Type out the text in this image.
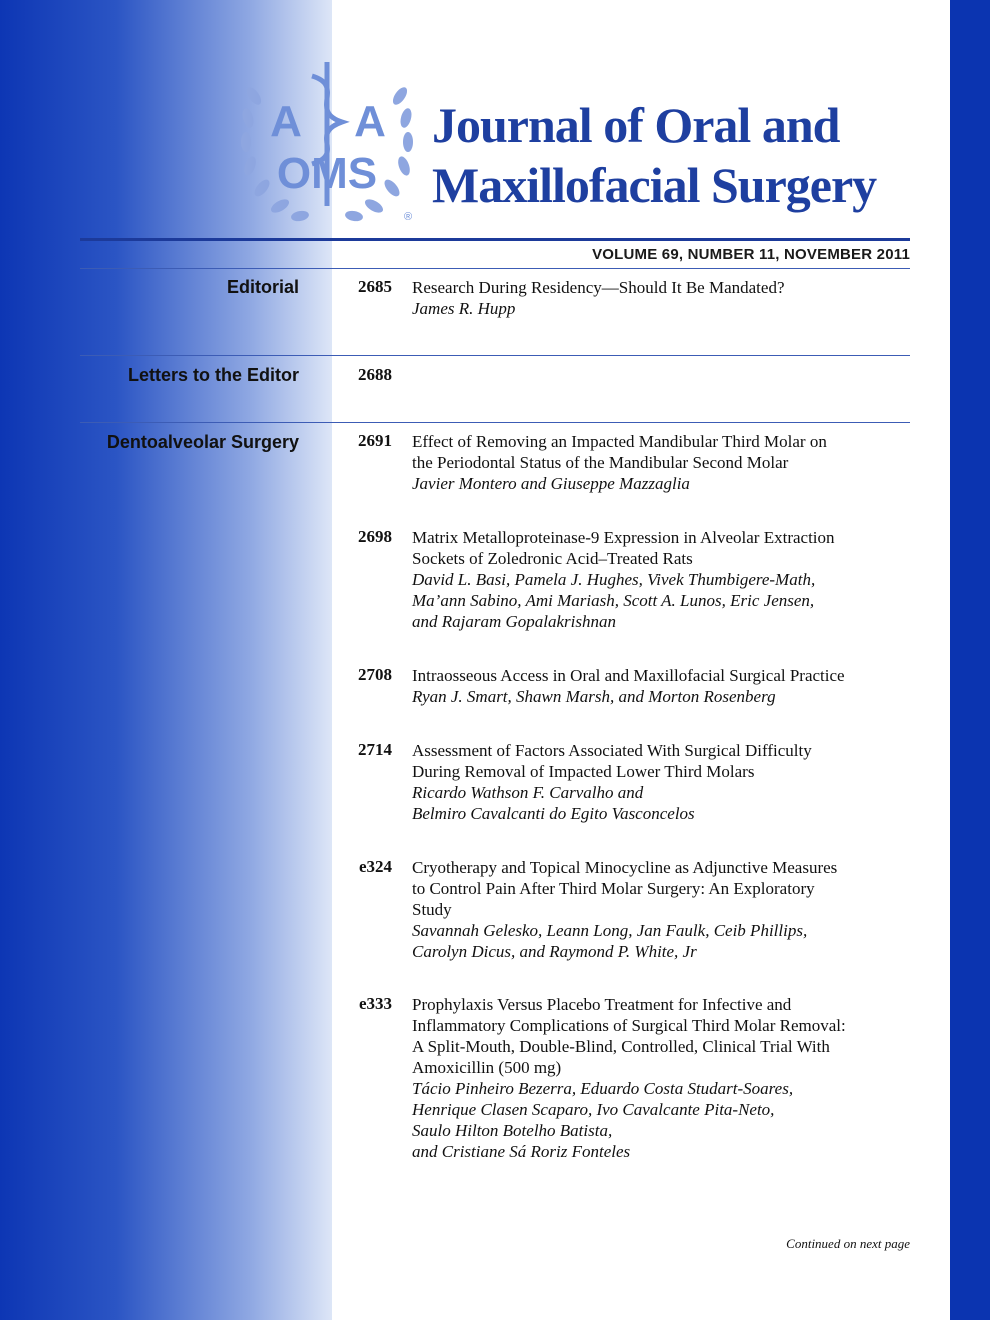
A A
OMS
®
Journal of Oral and
Maxillofacial Surgery
VOLUME 69, NUMBER 11, NOVEMBER 2011
Editorial
Letters to the Editor
Dentoalveolar Surgery
2685 Research During Residency—Should It Be Mandated?
James R. Hupp
2688
2691 Effect of Removing an Impacted Mandibular Third Molar on
the Periodontal Status of the Mandibular Second Molar
Javier Montero and Giuseppe Mazzaglia
2698 Matrix Metalloproteinase-9 Expression in Alveolar Extraction
Sockets of Zoledronic Acid–Treated Rats
David L. Basi, Pamela J. Hughes, Vivek Thumbigere-Math,
Ma’ann Sabino, Ami Mariash, Scott A. Lunos, Eric Jensen,
and Rajaram Gopalakrishnan
2708 Intraosseous Access in Oral and Maxillofacial Surgical Practice
Ryan J. Smart, Shawn Marsh, and Morton Rosenberg
2714 Assessment of Factors Associated With Surgical Difficulty
During Removal of Impacted Lower Third Molars
Ricardo Wathson F. Carvalho and
Belmiro Cavalcanti do Egito Vasconcelos
e324 Cryotherapy and Topical Minocycline as Adjunctive Measures
to Control Pain After Third Molar Surgery: An Exploratory
Study
Savannah Gelesko, Leann Long, Jan Faulk, Ceib Phillips,
Carolyn Dicus, and Raymond P. White, Jr
e333 Prophylaxis Versus Placebo Treatment for Infective and
Inflammatory Complications of Surgical Third Molar Removal:
A Split-Mouth, Double-Blind, Controlled, Clinical Trial With
Amoxicillin (500 mg)
Tácio Pinheiro Bezerra, Eduardo Costa Studart-Soares,
Henrique Clasen Scaparo, Ivo Cavalcante Pita-Neto,
Saulo Hilton Botelho Batista,
and Cristiane Sá Roriz Fonteles
Continued on next page
